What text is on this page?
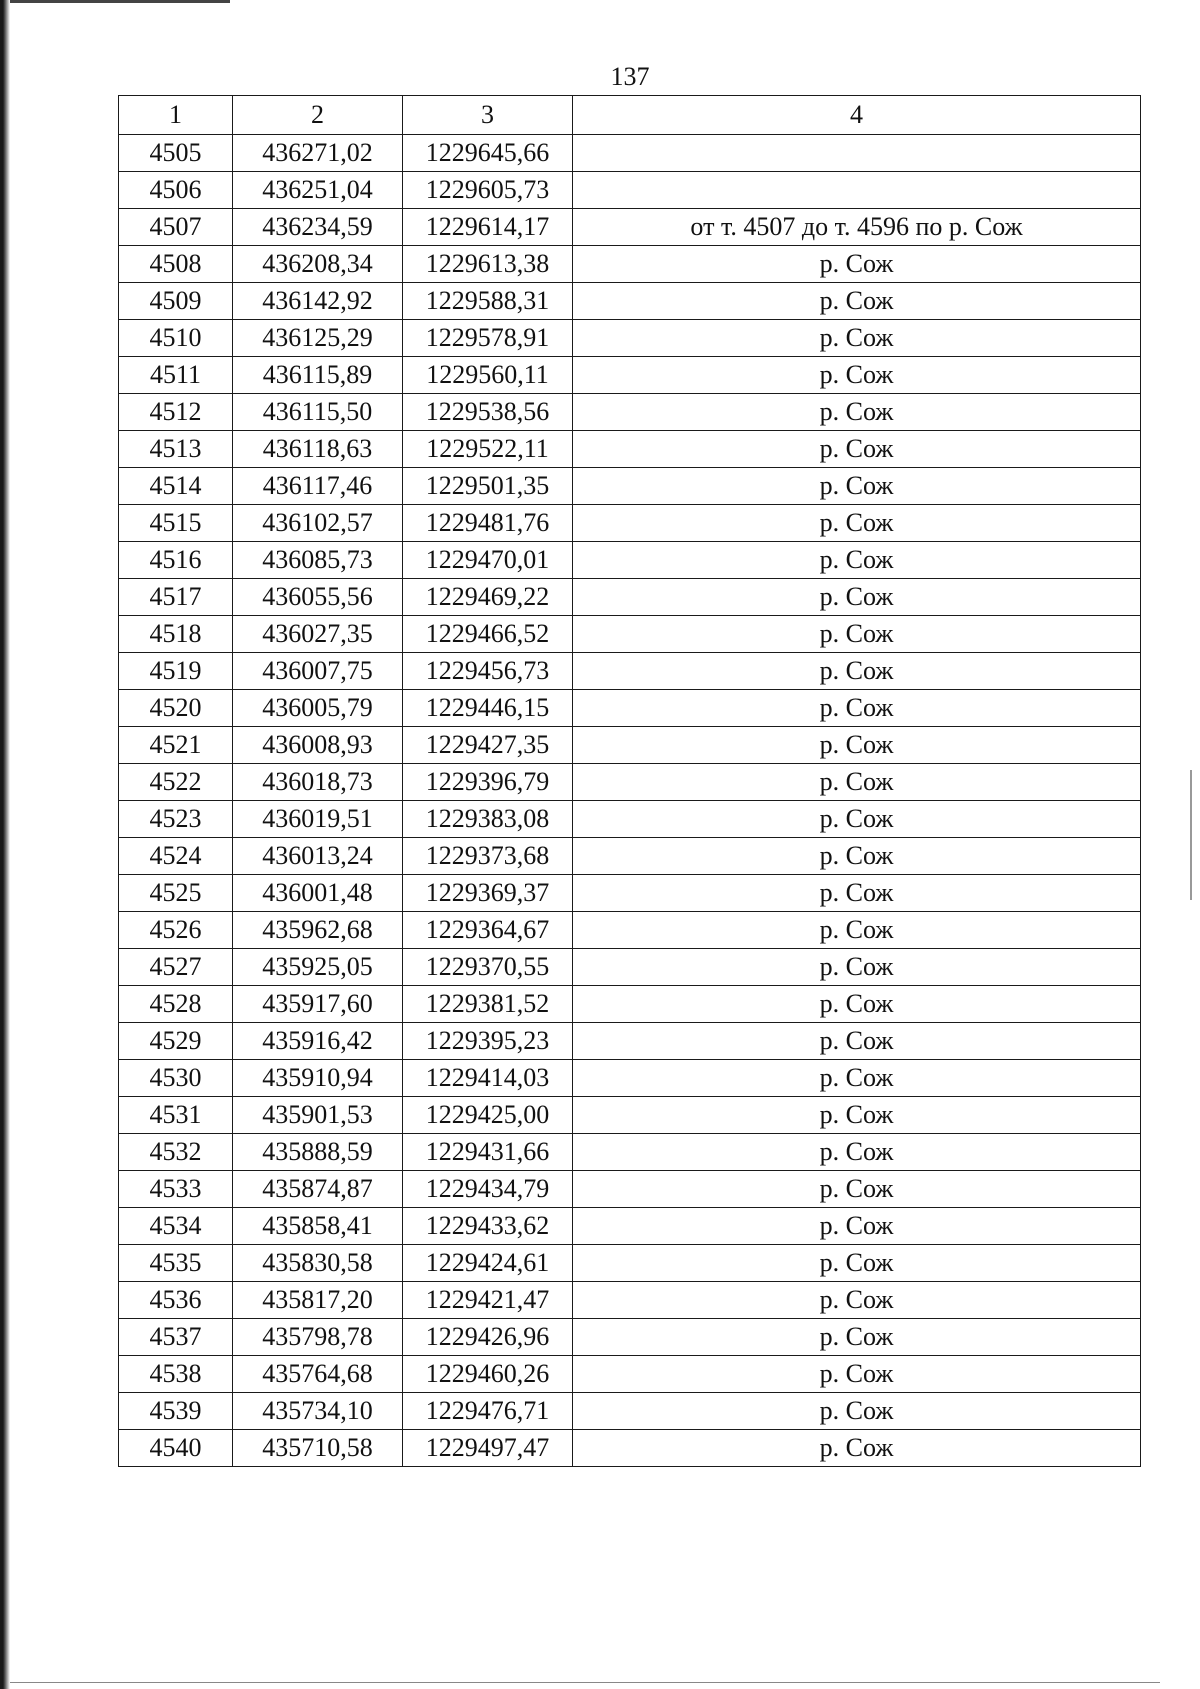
137
1	2	3	4
4505	436271,02	1229645,66	
4506	436251,04	1229605,73	
4507	436234,59	1229614,17	от т. 4507 до т. 4596 по р. Сож
4508	436208,34	1229613,38	р. Сож
4509	436142,92	1229588,31	р. Сож
4510	436125,29	1229578,91	р. Сож
4511	436115,89	1229560,11	р. Сож
4512	436115,50	1229538,56	р. Сож
4513	436118,63	1229522,11	р. Сож
4514	436117,46	1229501,35	р. Сож
4515	436102,57	1229481,76	р. Сож
4516	436085,73	1229470,01	р. Сож
4517	436055,56	1229469,22	р. Сож
4518	436027,35	1229466,52	р. Сож
4519	436007,75	1229456,73	р. Сож
4520	436005,79	1229446,15	р. Сож
4521	436008,93	1229427,35	р. Сож
4522	436018,73	1229396,79	р. Сож
4523	436019,51	1229383,08	р. Сож
4524	436013,24	1229373,68	р. Сож
4525	436001,48	1229369,37	р. Сож
4526	435962,68	1229364,67	р. Сож
4527	435925,05	1229370,55	р. Сож
4528	435917,60	1229381,52	р. Сож
4529	435916,42	1229395,23	р. Сож
4530	435910,94	1229414,03	р. Сож
4531	435901,53	1229425,00	р. Сож
4532	435888,59	1229431,66	р. Сож
4533	435874,87	1229434,79	р. Сож
4534	435858,41	1229433,62	р. Сож
4535	435830,58	1229424,61	р. Сож
4536	435817,20	1229421,47	р. Сож
4537	435798,78	1229426,96	р. Сож
4538	435764,68	1229460,26	р. Сож
4539	435734,10	1229476,71	р. Сож
4540	435710,58	1229497,47	р. Сож
